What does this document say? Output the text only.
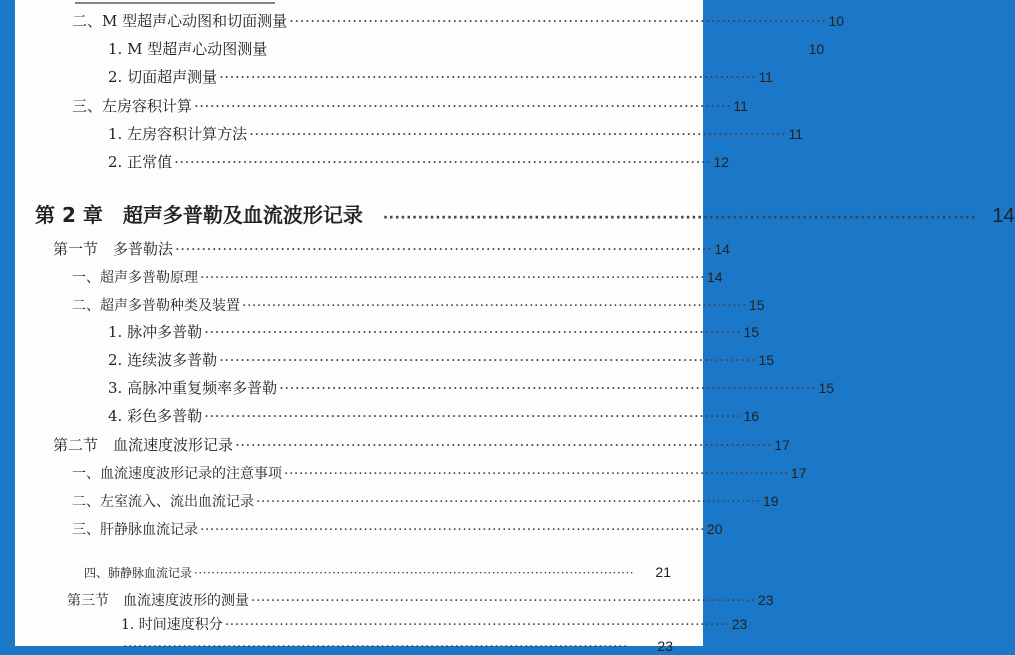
二、M 型超声心动图和切面测量 ······································································································ 10
1. M 型超声心动图测量	10
2. 切面超声测量 ······································································································ 11
三、左房容积计算 ······································································································ 11
1. 左房容积计算方法 ······································································································ 11
2. 正常值 ······································································································ 12
第 2 章　超声多普勒及血流波形记录 ······································································································ 14
第一节　多普勒法 ······································································································ 14
一、超声多普勒原理 ······································································································ 14
二、超声多普勒种类及装置 ······································································································ 15
1. 脉冲多普勒 ······································································································ 15
2. 连续波多普勒 ······································································································ 15
3. 高脉冲重复频率多普勒 ······································································································ 15
4. 彩色多普勒 ······································································································ 16
第二节　血流速度波形记录 ······································································································ 17
一、血流速度波形记录的注意事项 ······································································································ 17
二、左室流入、流出血流记录 ······································································································ 19
三、肝静脉血流记录 ······································································································ 20
四、肺静脉血流记录 ······································································································	21
第三节　血流速度波形的测量 ······································································································ 23
1. 时间速度积分 ······································································································ 23
······································································································	23
